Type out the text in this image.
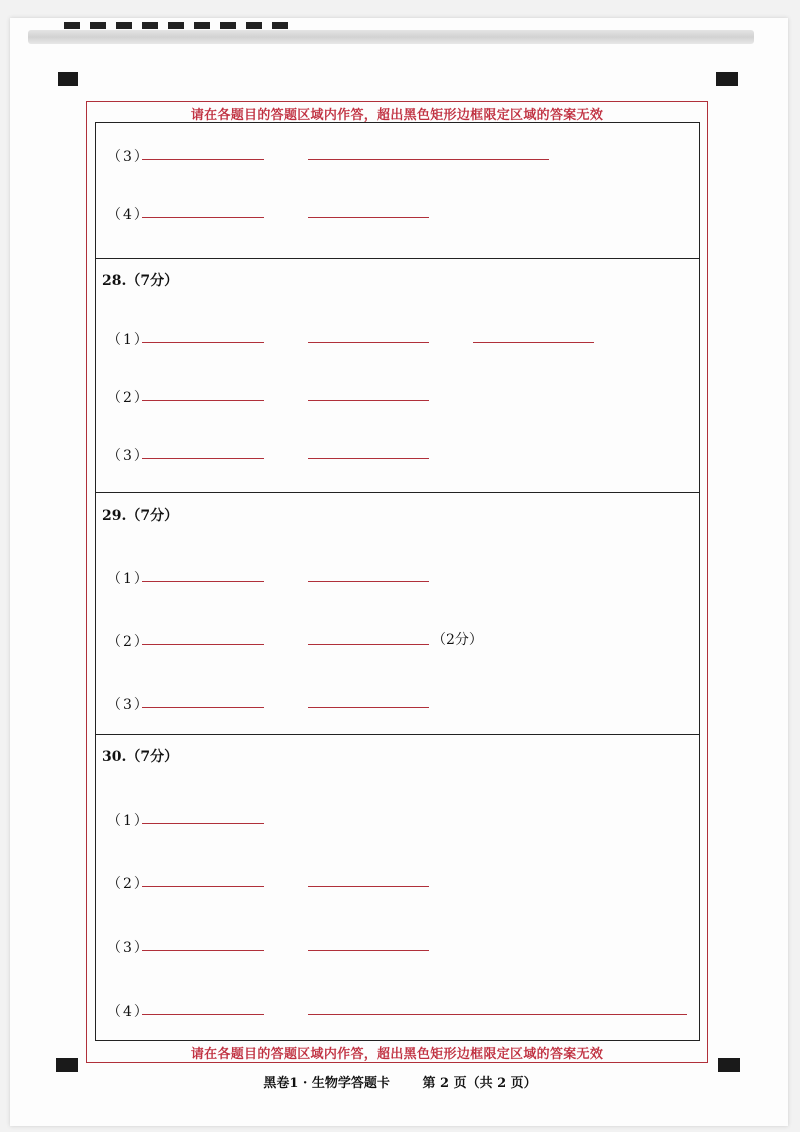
请在各题目的答题区域内作答，超出黑色矩形边框限定区域的答案无效
请在各题目的答题区域内作答，超出黑色矩形边框限定区域的答案无效
（3）
（4）
28.（7分）
（1）
（2）
（3）
29.（7分）
（1）
（2）	（2分）
（3）
30.（7分）
（1）
（2）
（3）
（4）
黑卷1 · 生物学答题卡	第 2 页（共 2 页）
